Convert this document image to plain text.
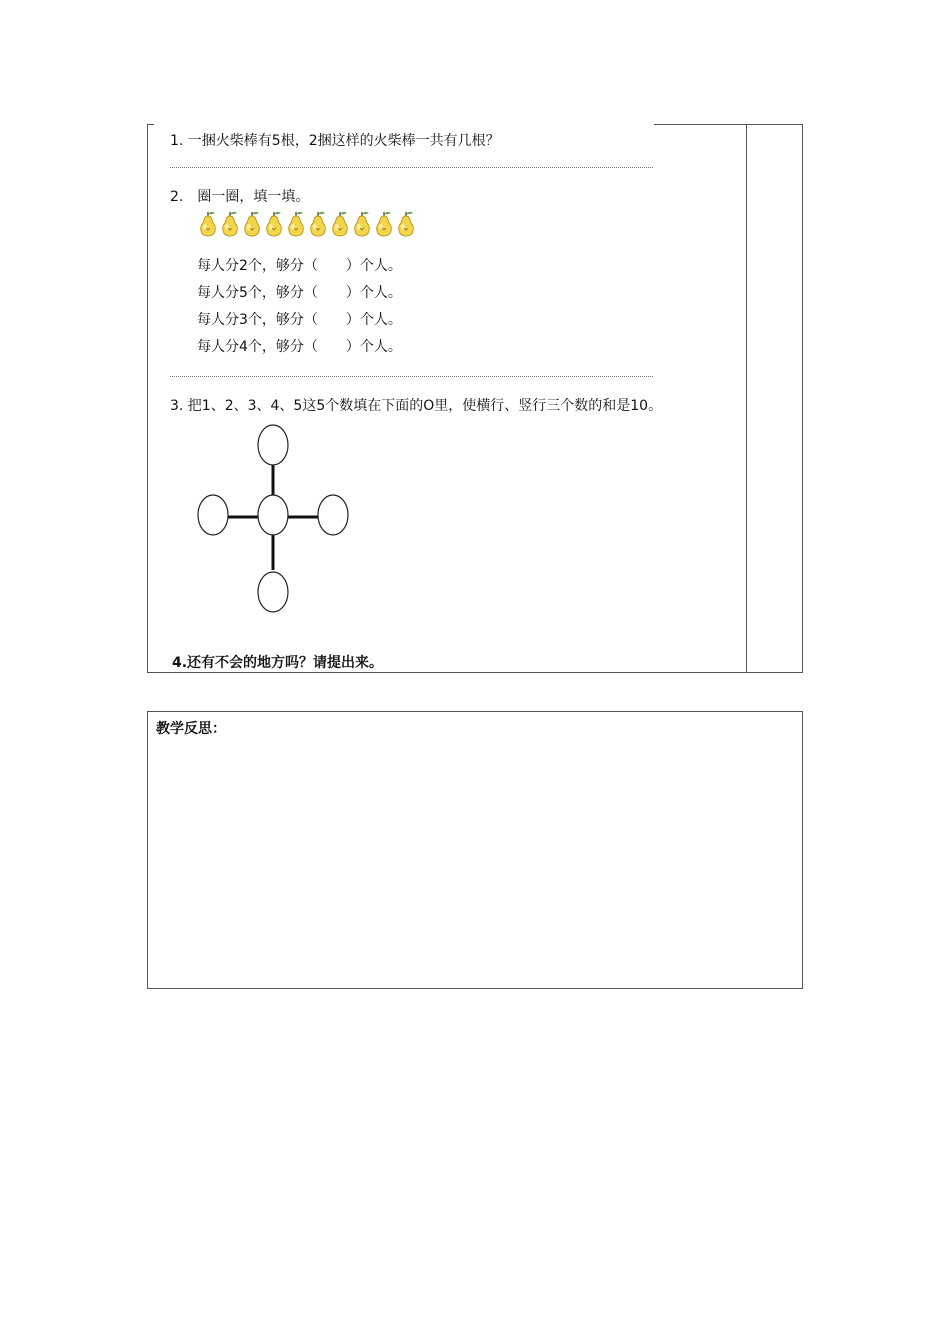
1. 一捆火柴棒有5根，2捆这样的火柴棒一共有几根？
2.　圈一圈，填一填。
每人分2个，够分（　　）个人。
每人分5个，够分（　　）个人。
每人分3个，够分（　　）个人。
每人分4个，够分（　　）个人。
3. 把1、2、3、4、5这5个数填在下面的O里，使横行、竖行三个数的和是10。
4.还有不会的地方吗？请提出来。
教学反思：
